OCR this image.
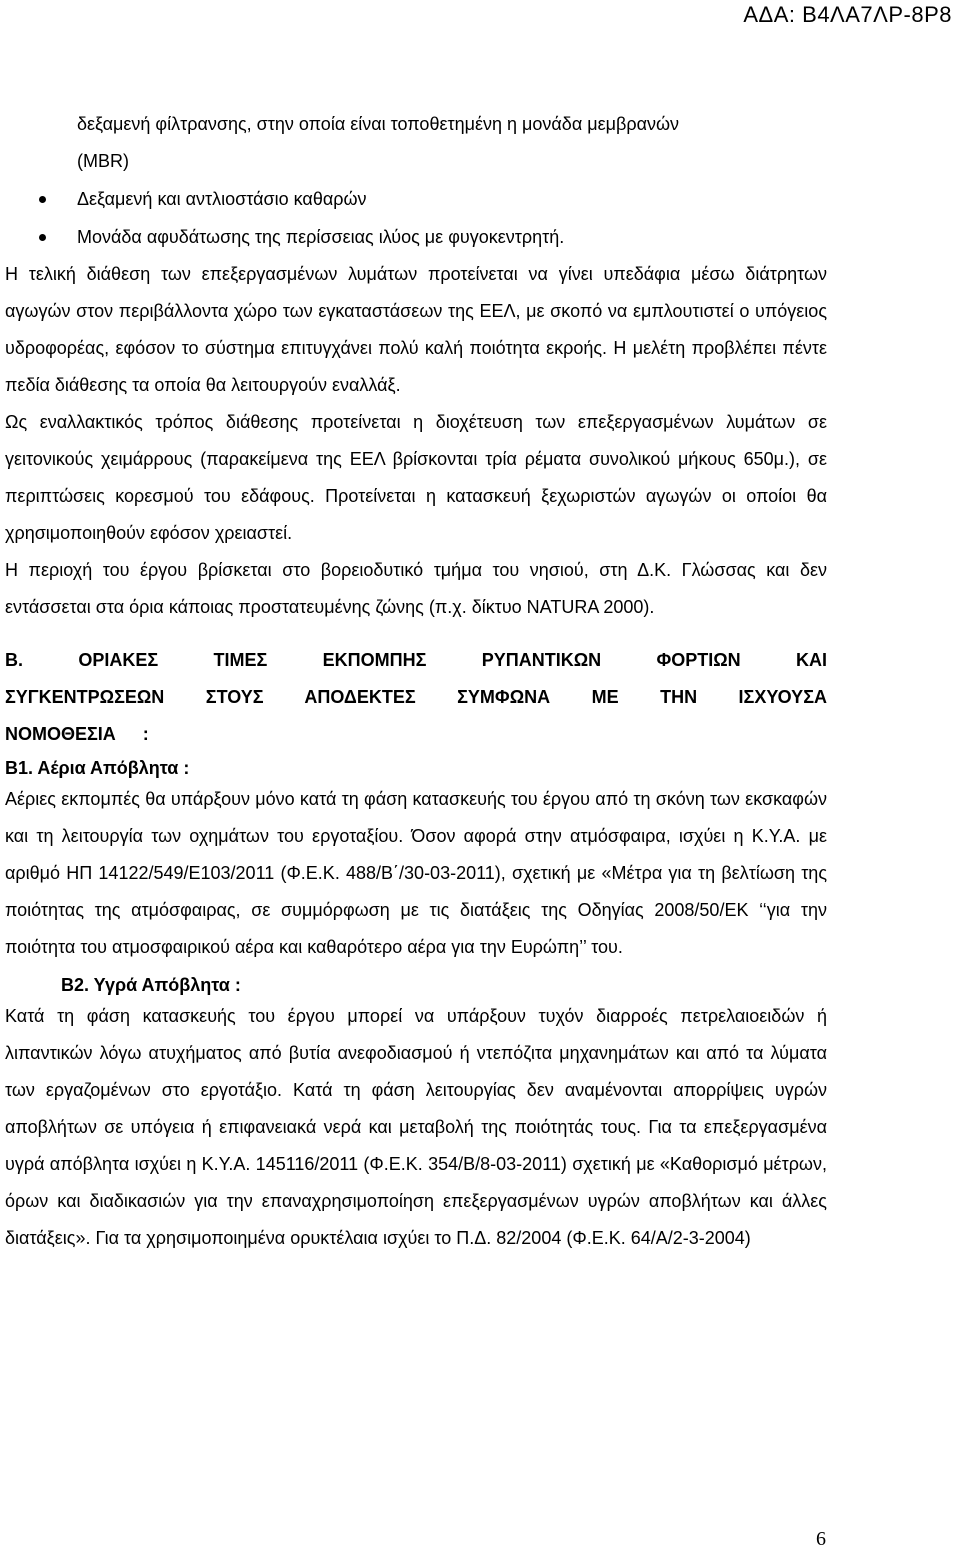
ΑΔΑ: Β4ΛΑ7ΛΡ-8Ρ8

δεξαμενή φίλτρανσης, στην οποία είναι τοποθετημένη η μονάδα μεμβρανών

(MBR)

Δεξαμενή και αντλιοστάσιο καθαρών
Μονάδα αφυδάτωσης της περίσσειας ιλύος με φυγοκεντρητή.

Η τελική διάθεση των επεξεργασμένων λυμάτων προτείνεται να γίνει υπεδάφια μέσω διάτρητων αγωγών στον περιβάλλοντα χώρο των εγκαταστάσεων της ΕΕΛ, με σκοπό να εμπλουτιστεί ο υπόγειος υδροφορέας, εφόσον το σύστημα επιτυγχάνει πολύ καλή ποιότητα εκροής. Η μελέτη προβλέπει πέντε πεδία διάθεσης τα οποία θα λειτουργούν εναλλάξ.

Ως εναλλακτικός τρόπος διάθεσης προτείνεται η διοχέτευση των επεξεργασμένων λυμάτων σε γειτονικούς χειμάρρους (παρακείμενα της ΕΕΛ βρίσκονται τρία ρέματα συνολικού μήκους 650μ.), σε περιπτώσεις κορεσμού του εδάφους. Προτείνεται η κατασκευή ξεχωριστών αγωγών οι οποίοι θα χρησιμοποιηθούν εφόσον χρειαστεί.

Η περιοχή του έργου βρίσκεται στο βορειοδυτικό τμήμα του νησιού, στη Δ.Κ. Γλώσσας και δεν εντάσσεται στα όρια κάποιας προστατευμένης ζώνης (π.χ. δίκτυο NATURA 2000).

Β. ΟΡΙΑΚΕΣ ΤΙΜΕΣ ΕΚΠΟΜΠΗΣ ΡΥΠΑΝΤΙΚΩΝ ΦΟΡΤΙΩΝ ΚΑΙ ΣΥΓΚΕΝΤΡΩΣΕΩΝ ΣΤΟΥΣ ΑΠΟΔΕΚΤΕΣ ΣΥΜΦΩΝΑ ΜΕ ΤΗΝ ΙΣΧΥΟΥΣΑ ΝΟΜΟΘΕΣΙΑ :

Β1. Αέρια Απόβλητα :

Αέριες εκπομπές θα υπάρξουν μόνο κατά τη φάση κατασκευής του έργου από τη σκόνη των εκσκαφών και τη λειτουργία των οχημάτων του εργοταξίου. Όσον αφορά στην ατμόσφαιρα, ισχύει η Κ.Υ.Α. με αριθμό ΗΠ 14122/549/Ε103/2011 (Φ.Ε.Κ. 488/Β΄/30-03-2011), σχετική με «Μέτρα για τη βελτίωση της ποιότητας της ατμόσφαιρας, σε συμμόρφωση με τις διατάξεις της Οδηγίας 2008/50/ΕΚ ‘‘για την ποιότητα του ατμοσφαιρικού αέρα και καθαρότερο αέρα για την Ευρώπη’’ του.

Β2. Υγρά Απόβλητα :

Κατά τη φάση κατασκευής του έργου μπορεί να υπάρξουν τυχόν διαρροές πετρελαιοειδών ή λιπαντικών λόγω ατυχήματος από βυτία ανεφοδιασμού ή ντεπόζιτα μηχανημάτων και από τα λύματα των εργαζομένων στο εργοτάξιο. Κατά τη φάση λειτουργίας δεν αναμένονται απορρίψεις υγρών αποβλήτων σε υπόγεια ή επιφανειακά νερά και μεταβολή της ποιότητάς τους. Για τα επεξεργασμένα υγρά απόβλητα ισχύει η Κ.Υ.Α. 145116/2011 (Φ.Ε.Κ. 354/Β/8-03-2011) σχετική με «Καθορισμό μέτρων, όρων και διαδικασιών για την επαναχρησιμοποίηση επεξεργασμένων υγρών αποβλήτων και άλλες διατάξεις». Για τα χρησιμοποιημένα ορυκτέλαια ισχύει το Π.Δ. 82/2004 (Φ.Ε.Κ. 64/Α/2-3-2004)

6
